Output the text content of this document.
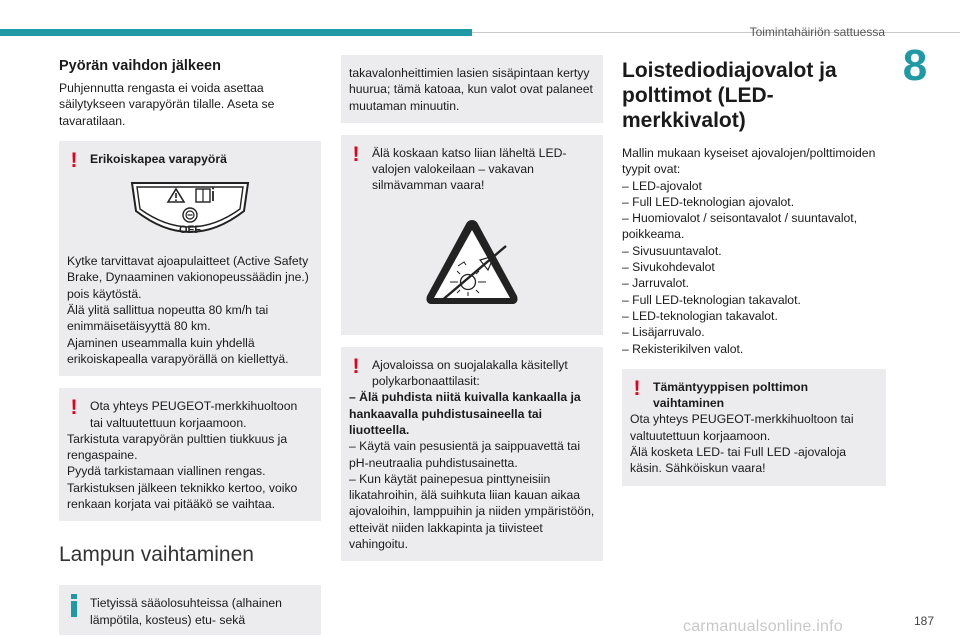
Toimintahäiriön sattuessa
8
Pyörän vaihdon jälkeen

Puhjennutta rengasta ei voida asettaa säilytykseen varapyörän tilalle. Aseta se tavaratilaan.

!	Erikoiskapea varapyörä
OFF

Kytke tarvittavat ajoapulaitteet (Active Safety Brake, Dynaaminen vakionopeussäädin jne.) pois käytöstä.

Älä ylitä sallittua nopeutta 80 km/h tai enimmäisetäisyyttä 80 km.

Ajaminen useammalla kuin yhdellä erikoiskapealla varapyörällä on kiellettyä.

!	Ota yhteys PEUGEOT-merkkihuoltoon tai valtuutettuun korjaamoon.

Tarkistuta varapyörän pulttien tiukkuus ja rengaspaine.

Pyydä tarkistamaan viallinen rengas.

Tarkistuksen jälkeen teknikko kertoo, voiko renkaan korjata vai pitääkö se vaihtaa.

Lampun vaihtaminen
Tietyissä sääolosuhteissa (alhainen lämpötila, kosteus) etu- sekä

takavalonheittimien lasien sisäpintaan kertyy huurua; tämä katoaa, kun valot ovat palaneet muutaman minuutin.

!	Älä koskaan katso liian läheltä LED-valojen valokeilaan – vakavan silmävamman vaara!
!	Ajovaloissa on suojalakalla käsitellyt polykarbonaattilasit:

– Älä puhdista niitä kuivalla kankaalla ja hankaavalla puhdistusaineella tai liuotteella.

– Käytä vain pesusientä ja saippuavettä tai pH-neutraalia puhdistusainetta.

– Kun käytät painepesua pinttyneisiin likatahroihin, älä suihkuta liian kauan aikaa ajovaloihin, lamppuihin ja niiden ympäristöön, etteivät niiden lakkapinta ja tiivisteet vahingoitu.

Loistediodiajovalot ja polttimot (LED-merkkivalot)

Mallin mukaan kyseiset ajovalojen/polttimoiden tyypit ovat:

– LED-ajovalot

– Full LED-teknologian ajovalot.

– Huomiovalot / seisontavalot / suuntavalot, poikkeama.

– Sivusuuntavalot.

– Sivukohdevalot

– Jarruvalot.

– Full LED-teknologian takavalot.

– LED-teknologian takavalot.

– Lisäjarruvalo.

– Rekisterikilven valot.

!	Tämäntyyppisen polttimon vaihtaminen

Ota yhteys PEUGEOT-merkkihuoltoon tai valtuutettuun korjaamoon.

Älä kosketa LED- tai Full LED -ajovaloja käsin. Sähköiskun vaara!

187
carmanualsonline.info
